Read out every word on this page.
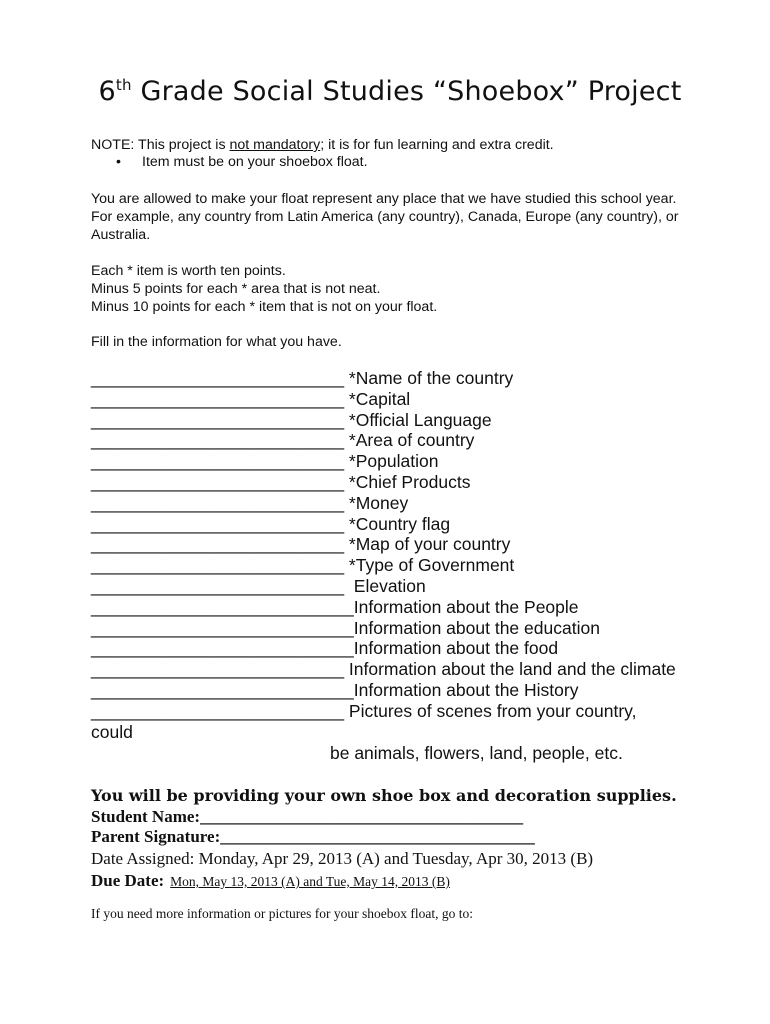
6th Grade Social Studies “Shoebox” Project
NOTE: This project is not mandatory; it is for fun learning and extra credit.
• Item must be on your shoebox float.
You are allowed to make your float represent any place that we have studied this school year. For example, any country from Latin America (any country), Canada, Europe (any country), or Australia.
Each * item is worth ten points.
Minus 5 points for each * area that is not neat.
Minus 10 points for each * item that is not on your float.
Fill in the information for what you have.
__________________________ *Name of the country
__________________________ *Capital
__________________________ *Official Language
__________________________ *Area of country
__________________________ *Population
__________________________ *Chief Products
__________________________ *Money
__________________________ *Country flag
__________________________ *Map of your country
__________________________ *Type of Government
__________________________  Elevation
___________________________Information about the People
___________________________Information about the education
___________________________Information about the food
__________________________ Information about the land and the climate
___________________________Information about the History
__________________________ Pictures of scenes from your country,
could
be animals, flowers, land, people, etc.
You will be providing your own shoe box and decoration supplies.
Student Name:______________________________________
Parent Signature:_____________________________________
Date Assigned: Monday, Apr 29, 2013 (A) and Tuesday, Apr 30, 2013 (B)
Due Date: Mon, May 13, 2013 (A) and Tue, May 14, 2013 (B)
If you need more information or pictures for your shoebox float, go to:
